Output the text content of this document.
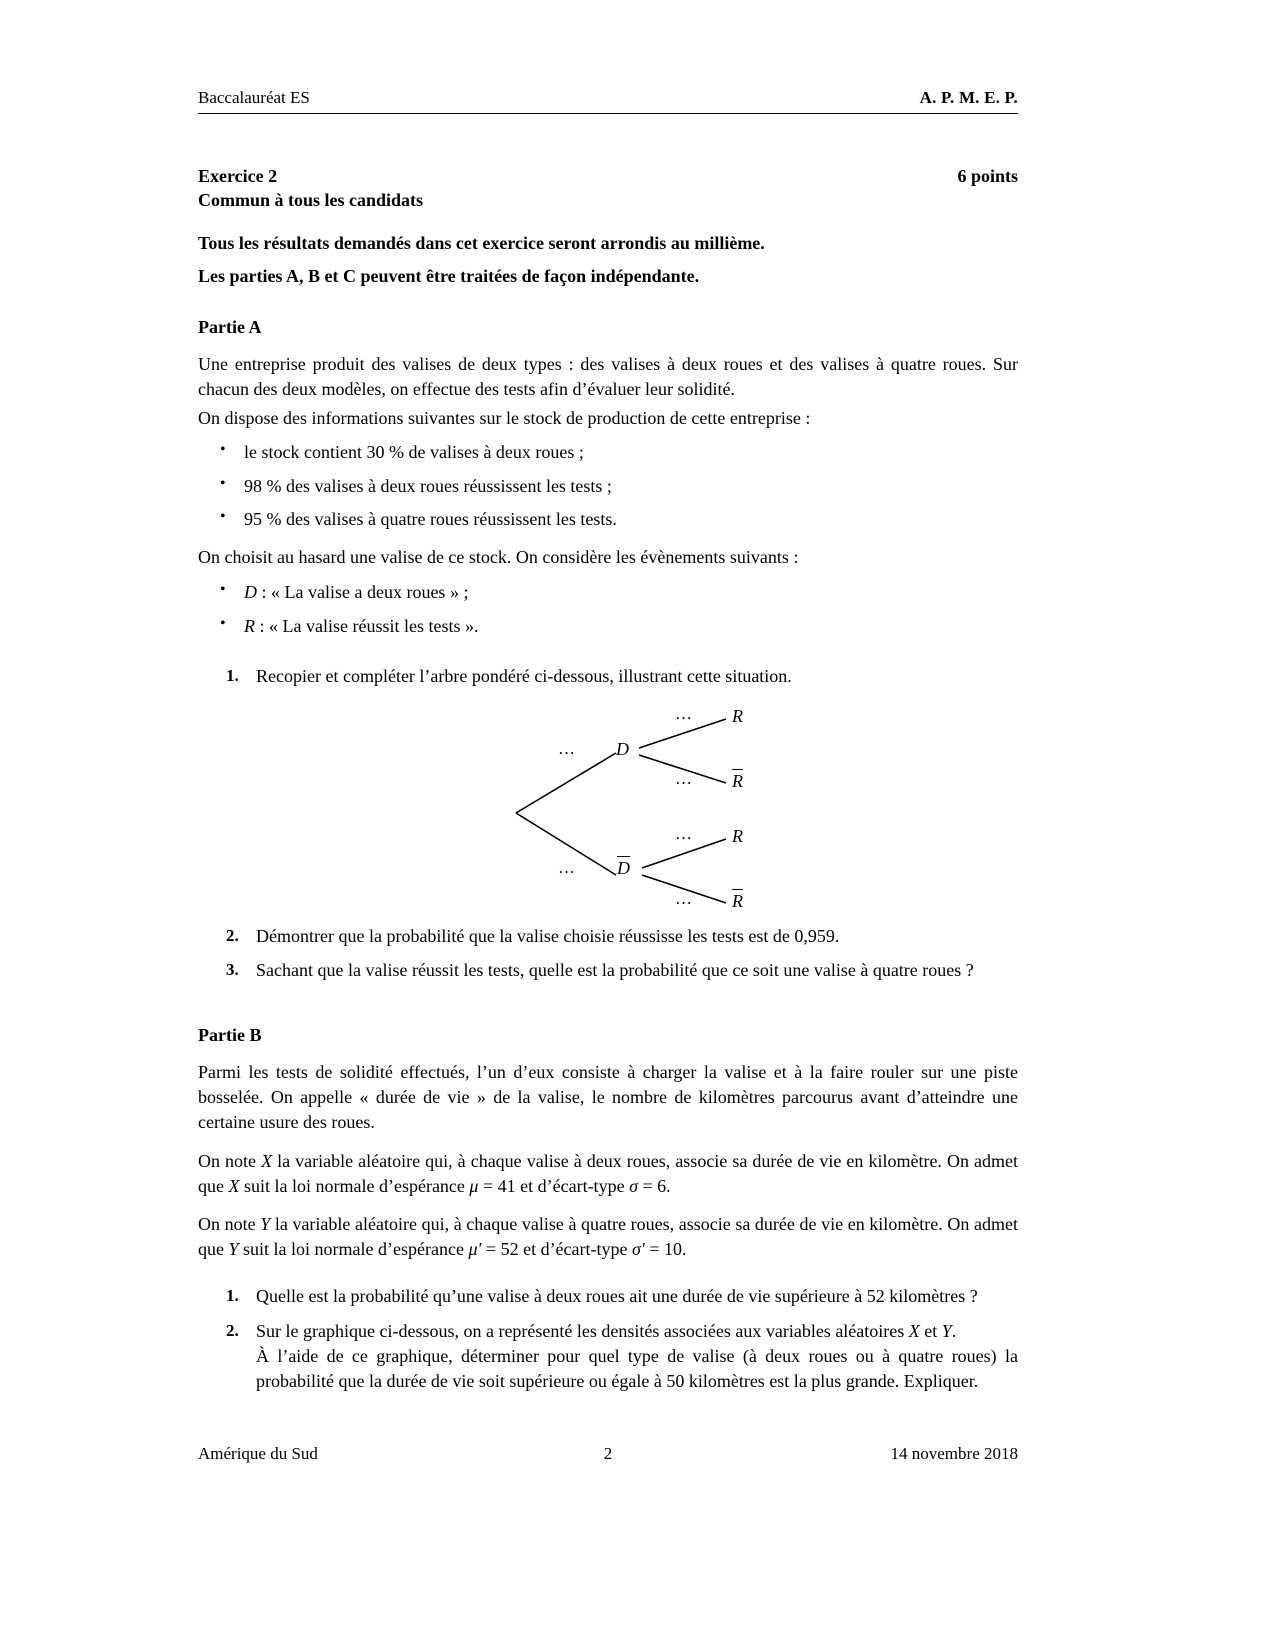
Baccalauréat ES	A. P. M. E. P.
Exercice 2	6 points
Commun à tous les candidats
Tous les résultats demandés dans cet exercice seront arrondis au millième.
Les parties A, B et C peuvent être traitées de façon indépendante.
Partie A

Une entreprise produit des valises de deux types : des valises à deux roues et des valises à quatre roues. Sur chacun des deux modèles, on effectue des tests afin d’évaluer leur solidité.

On dispose des informations suivantes sur le stock de production de cette entreprise :

• le stock contient 30 % de valises à deux roues ;
• 98 % des valises à deux roues réussissent les tests ;
• 95 % des valises à quatre roues réussissent les tests.

On choisit au hasard une valise de ce stock. On considère les évènements suivants :

• D : « La valise a deux roues » ;
• R : « La valise réussit les tests ».
Recopier et compléter l’arbre pondéré ci-dessous, illustrant cette situation.
D
D
R
R
R
R
…
…
…
…
…
…
Démontrer que la probabilité que la valise choisie réussisse les tests est de 0,959.
Sachant que la valise réussit les tests, quelle est la probabilité que ce soit une valise à quatre roues ?
Partie B

Parmi les tests de solidité effectués, l’un d’eux consiste à charger la valise et à la faire rouler sur une piste bosselée. On appelle « durée de vie » de la valise, le nombre de kilomètres parcourus avant d’atteindre une certaine usure des roues.

On note X la variable aléatoire qui, à chaque valise à deux roues, associe sa durée de vie en kilomètre. On admet que X suit la loi normale d’espérance μ = 41 et d’écart-type σ = 6.

On note Y la variable aléatoire qui, à chaque valise à quatre roues, associe sa durée de vie en kilomètre. On admet que Y suit la loi normale d’espérance μ′ = 52 et d’écart-type σ′ = 10.

Quelle est la probabilité qu’une valise à deux roues ait une durée de vie supérieure à 52 kilomètres ?
Sur le graphique ci-dessous, on a représenté les densités associées aux variables aléatoires X et Y.
À l’aide de ce graphique, déterminer pour quel type de valise (à deux roues ou à quatre roues) la probabilité que la durée de vie soit supérieure ou égale à 50 kilomètres est la plus grande. Expliquer.
Amérique du Sud	2	14 novembre 2018
